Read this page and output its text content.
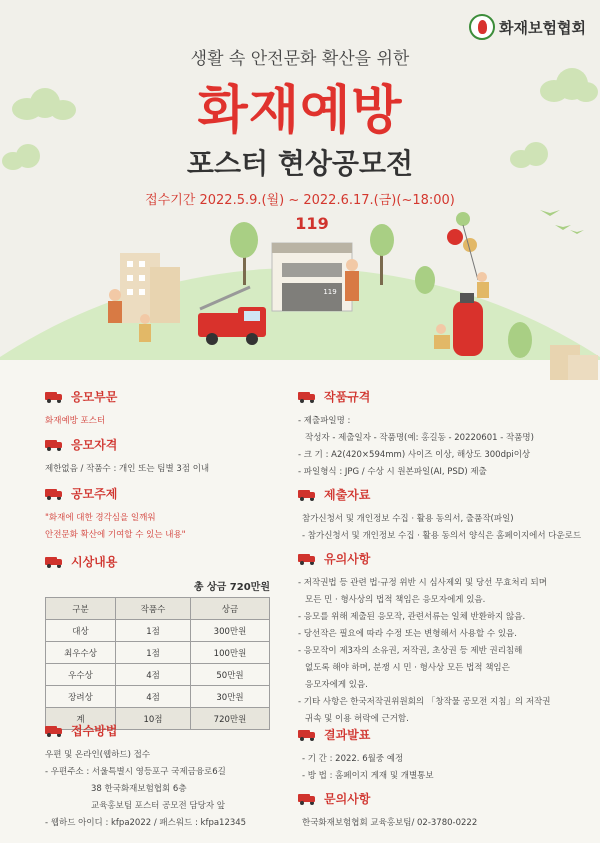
화재보험협회
생활 속 안전문화 확산을 위한
화재예방
포스터 현상공모전
접수기간 2022.5.9.(월) ~ 2022.6.17.(금)(~18:00)
119
119
응모부문
화재예방 포스터
응모자격
제한없음 / 작품수 : 개인 또는 팀별 3점 이내
공모주제
"화재에 대한 경각심을 일깨워
안전문화 확산에 기여할 수 있는 내용"
시상내용
총 상금 720만원
구분	작품수	상금
대상	1점	300만원
최우수상	1점	100만원
우수상	4점	50만원
장려상	4점	30만원
계	10점	720만원
접수방법
우편 및 온라인(웹하드) 접수
- 우편주소 : 서울특별시 영등포구 국제금융로6길
38 한국화재보험협회 6층
교육홍보팀 포스터 공모전 담당자 앞
- 웹하드 아이디 : kfpa2022 / 패스워드 : kfpa12345
작품규격
- 제출파일명 :
작성자 - 제출일자 - 작품명(예: 홍길동 - 20220601 - 작품명)
- 크 기 : A2(420×594mm) 사이즈 이상, 해상도 300dpi이상
- 파일형식 : JPG / 수상 시 원본파일(AI, PSD) 제출
제출자료
참가신청서 및 개인정보 수집 · 활용 동의서, 출품작(파일)
- 참가신청서 및 개인정보 수집 · 활용 동의서 양식은 홈페이지에서 다운로드
유의사항
- 저작권법 등 관련 법·규정 위반 시 심사제외 및 당선 무효처리 되며
모든 민 · 형사상의 법적 책임은 응모자에게 있음.
- 응모를 위해 제출된 응모작, 관련서류는 일체 반환하지 않음.
- 당선작은 필요에 따라 수정 또는 변형해서 사용할 수 있음.
- 응모작이 제3자의 소유권, 저작권, 초상권 등 제반 권리침해
없도록 해야 하며, 분쟁 시 민 · 형사상 모든 법적 책임은
응모자에게 있음.
- 기타 사항은 한국저작권위원회의 「창작물 공모전 지침」의 저작권
귀속 및 이용 허락에 근거함.
결과발표
- 기 간 : 2022. 6월중 예정
- 방 법 : 홈페이지 게재 및 개별통보
문의사항
한국화재보험협회 교육홍보팀/ 02-3780-0222
